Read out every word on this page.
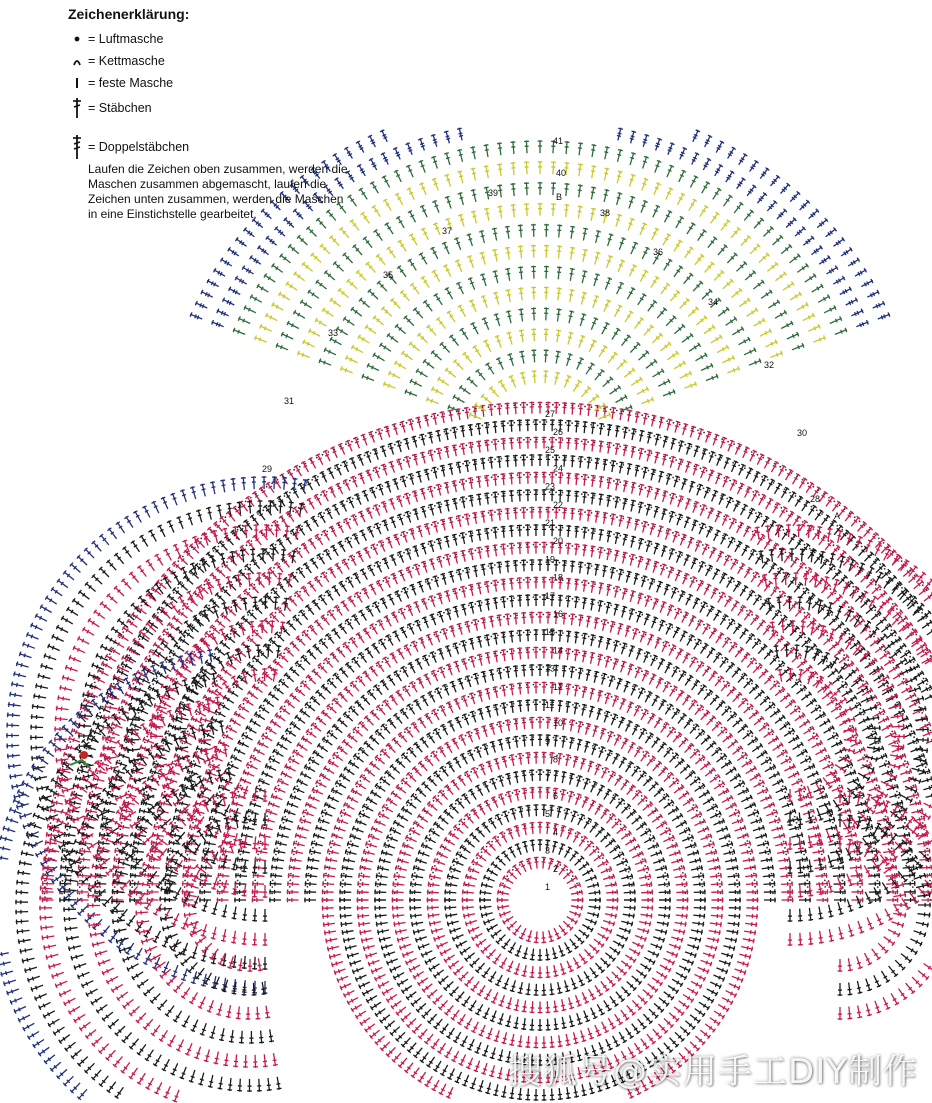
1
2
3
4
5
6
7
8
9
10
11
12
13
14
15
16
17
18
19
20
21
22
23
24
25
26
27
29
31
33
35
37
39
28
30
32
34
36
38
40
41
A
B
Zeichenerklärung:
= Luftmasche
= Kettmasche
= feste Masche
= Stäbchen
= Doppelstäbchen
Laufen die Zeichen oben zusammen, werden die Maschen zusammen abgemascht, laufen die Zeichen unten zusammen, werden die Maschen in eine Einstichstelle gearbeitet.
搜狐号@实用手工DIY制作
